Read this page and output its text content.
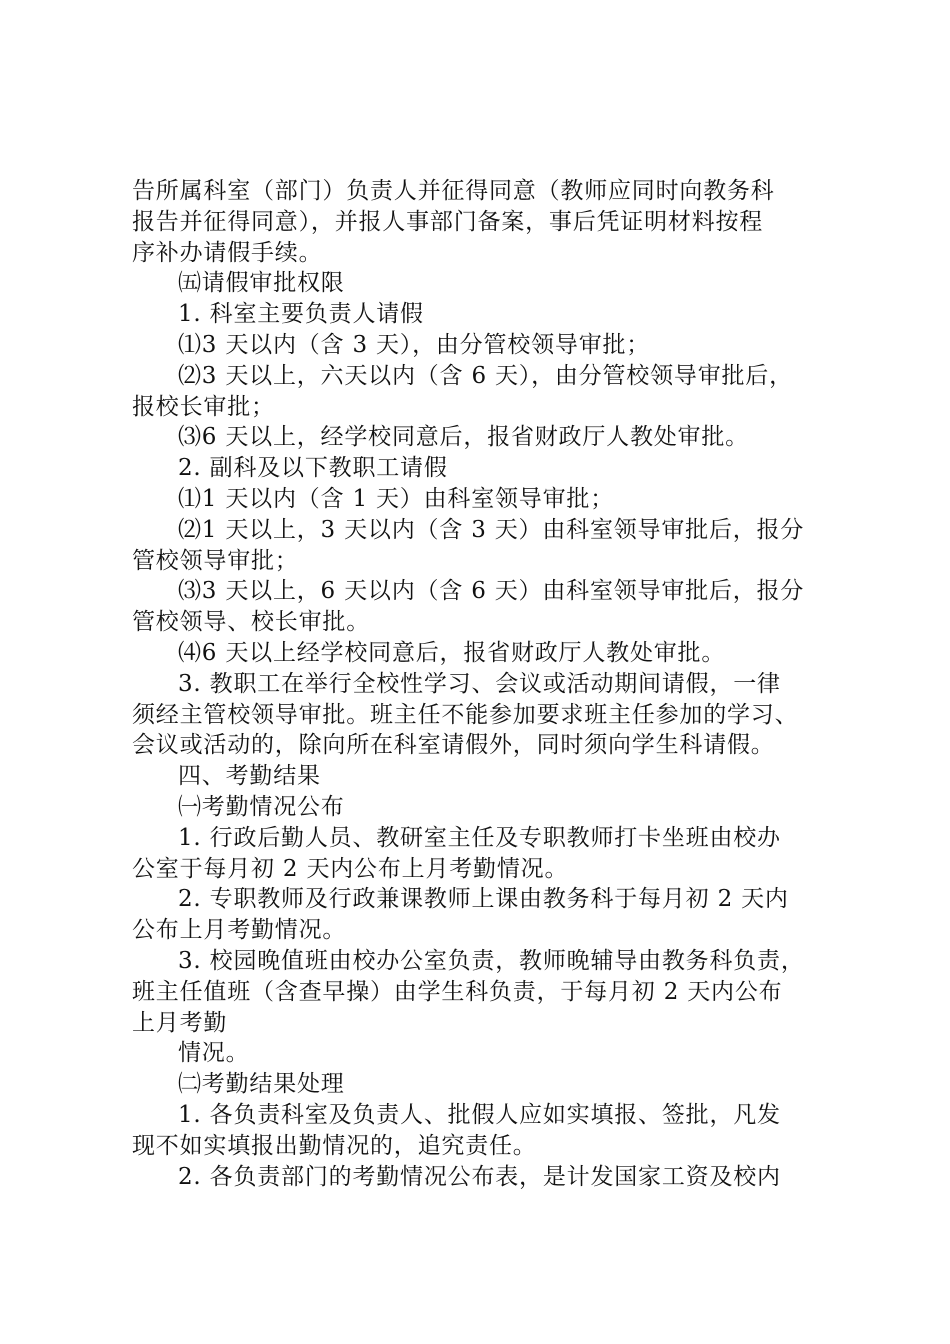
告所属科室（部门）负责人并征得同意（教师应同时向教务科
报告并征得同意），并报人事部门备案，事后凭证明材料按程
序补办请假手续。
㈤请假审批权限
1. 科室主要负责人请假
⑴3 天以内（含 3 天），由分管校领导审批；
⑵3 天以上，六天以内（含 6 天），由分管校领导审批后，
报校长审批；
⑶6 天以上，经学校同意后，报省财政厅人教处审批。
2. 副科及以下教职工请假
⑴1 天以内（含 1 天）由科室领导审批；
⑵1 天以上，3 天以内（含 3 天）由科室领导审批后，报分
管校领导审批；
⑶3 天以上，6 天以内（含 6 天）由科室领导审批后，报分
管校领导、校长审批。
⑷6 天以上经学校同意后，报省财政厅人教处审批。
3. 教职工在举行全校性学习、会议或活动期间请假，一律
须经主管校领导审批。班主任不能参加要求班主任参加的学习、
会议或活动的，除向所在科室请假外，同时须向学生科请假。
四、考勤结果
㈠考勤情况公布
1. 行政后勤人员、教研室主任及专职教师打卡坐班由校办
公室于每月初 2 天内公布上月考勤情况。
2. 专职教师及行政兼课教师上课由教务科于每月初 2 天内
公布上月考勤情况。
3. 校园晚值班由校办公室负责，教师晚辅导由教务科负责，
班主任值班（含查早操）由学生科负责，于每月初 2 天内公布
上月考勤
情况。
㈡考勤结果处理
1. 各负责科室及负责人、批假人应如实填报、签批，凡发
现不如实填报出勤情况的，追究责任。
2. 各负责部门的考勤情况公布表，是计发国家工资及校内
